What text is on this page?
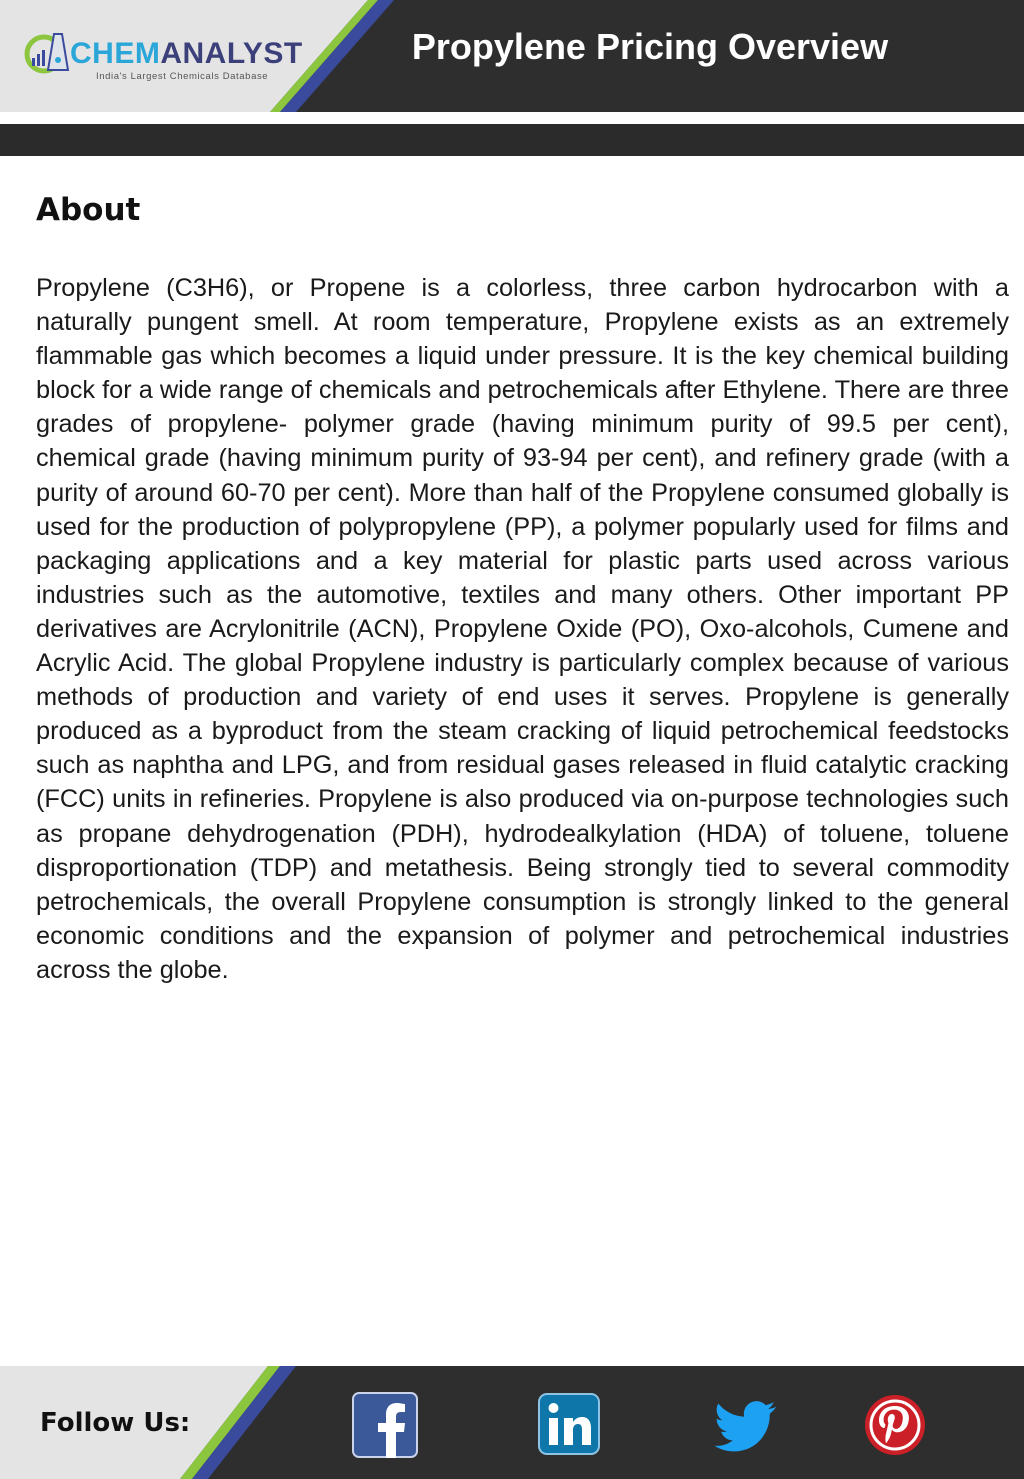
CHEMANALYST
India's Largest Chemicals Database
Propylene Pricing Overview

E-mail : info@chemanalyst.com | website : www.chemanalyst.com/

About

Propylene (C3H6), or Propene is a colorless, three carbon hydrocarbon with a naturally pungent smell. At room temperature, Propylene exists as an extremely flammable gas which becomes a liquid under pressure. It is the key chemical building block for a wide range of chemicals and petrochemicals after Ethylene. There are three grades of propylene- polymer grade (having minimum purity of 99.5 per cent), chemical grade (having minimum purity of 93-94 per cent), and refinery grade (with a purity of around 60-70 per cent). More than half of the Propylene consumed globally is used for the production of polypropylene (PP), a polymer popularly used for films and packaging applications and a key material for plastic parts used across various industries such as the automotive, textiles and many others. Other important PP derivatives are Acrylonitrile (ACN), Propylene Oxide (PO), Oxo-alcohols, Cumene and Acrylic Acid. The global Propylene industry is particularly complex because of various methods of production and variety of end uses it serves. Propylene is generally produced as a byproduct from the steam cracking of liquid petrochemical feedstocks such as naphtha and LPG, and from residual gases released in fluid catalytic cracking (FCC) units in refineries. Propylene is also produced via on-purpose technologies such as propane dehydrogenation (PDH), hydrodealkylation (HDA) of toluene, toluene disproportionation (TDP) and metathesis. Being strongly tied to several commodity petrochemicals, the overall Propylene consumption is strongly linked to the general economic conditions and the expansion of polymer and petrochemical industries across the globe.

Follow Us:
